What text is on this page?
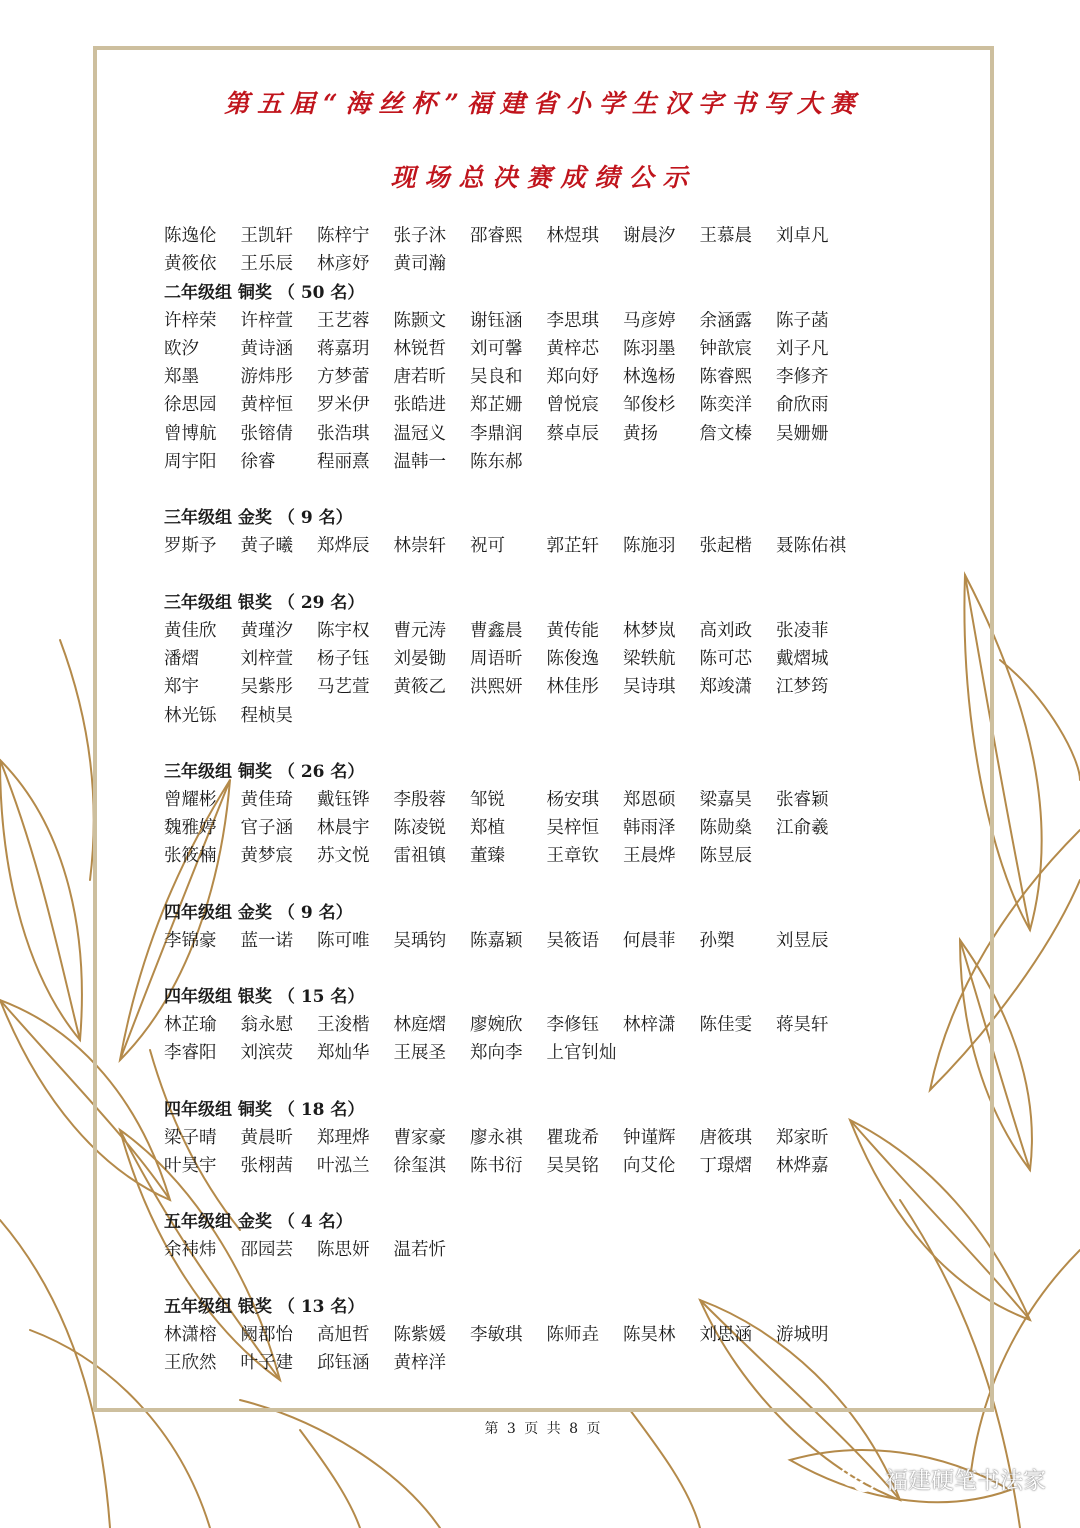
第五届“海丝杯”福建省小学生汉字书写大赛
现场总决赛成绩公示
陈逸伦	王凯轩	陈梓宁	张子沐	邵睿熙	林煜琪	谢晨汐	王慕晨	刘卓凡
黄筱依	王乐辰	林彦妤	黄司瀚
二年级组 铜奖 （ 50 名）
许梓荣	许梓萱	王艺蓉	陈颢文	谢钰涵	李思琪	马彦婷	余涵露	陈子菡
欧汐	黄诗涵	蒋嘉玥	林锐哲	刘可馨	黄梓芯	陈羽墨	钟歆宸	刘子凡
郑墨	游炜彤	方梦蕾	唐若昕	吴良和	郑向妤	林逸杨	陈睿熙	李修齐
徐思园	黄梓恒	罗米伊	张皓进	郑芷姗	曾悦宸	邹俊杉	陈奕洋	俞欣雨
曾博航	张镕倩	张浩琪	温冠义	李鼎润	蔡卓辰	黄扬	詹文榛	吴姗姗
周宇阳	徐睿	程丽熹	温韩一	陈东郝
三年级组 金奖 （ 9 名）
罗斯予	黄子曦	郑烨辰	林崇轩	祝可	郭芷轩	陈施羽	张起楷	聂陈佑祺
三年级组 银奖 （ 29 名）
黄佳欣	黄瑾汐	陈宇权	曹元涛	曹鑫晨	黄传能	林梦岚	高刘政	张凌菲
潘熠	刘梓萱	杨子钰	刘晏锄	周语昕	陈俊逸	梁轶航	陈可芯	戴熠城
郑宇	吴紫彤	马艺萱	黄筱乙	洪熙妍	林佳彤	吴诗琪	郑竣潇	江梦筠
林光铄	程桢昊
三年级组 铜奖 （ 26 名）
曾耀彬	黄佳琦	戴钰铧	李殷蓉	邹锐	杨安琪	郑恩硕	梁嘉昊	张睿颖
魏雅婷	官子涵	林晨宇	陈凌锐	郑植	吴梓恒	韩雨泽	陈勋燊	江俞羲
张筱楠	黄梦宸	苏文悦	雷祖镇	董臻	王章钦	王晨烨	陈昱辰
四年级组 金奖 （ 9 名）
李锦豪	蓝一诺	陈可唯	吴瑀钧	陈嘉颖	吴筱语	何晨菲	孙槊	刘昱辰
四年级组 银奖 （ 15 名）
林芷瑜	翁永慰	王浚楷	林庭熠	廖婉欣	李修钰	林梓潇	陈佳雯	蒋昊轩
李睿阳	刘滨荧	郑灿华	王展圣	郑向李	上官钊灿
四年级组 铜奖 （ 18 名）
梁子晴	黄晨昕	郑理烨	曹家豪	廖永祺	瞿珑希	钟谨辉	唐筱琪	郑家昕
叶昊宇	张栩茜	叶泓兰	徐玺淇	陈书衍	吴昊铭	向艾伦	丁璟熠	林烨嘉
五年级组 金奖 （ 4 名）
余祎炜	邵园芸	陈思妍	温若忻
五年级组 银奖 （ 13 名）
林潇榕	阙郡怡	高旭哲	陈紫媛	李敏琪	陈师垚	陈昊林	刘思涵	游城明
王欣然	叶子建	邱钰涵	黄梓洋
第 3 页 共 8 页
福建硬笔书法家
